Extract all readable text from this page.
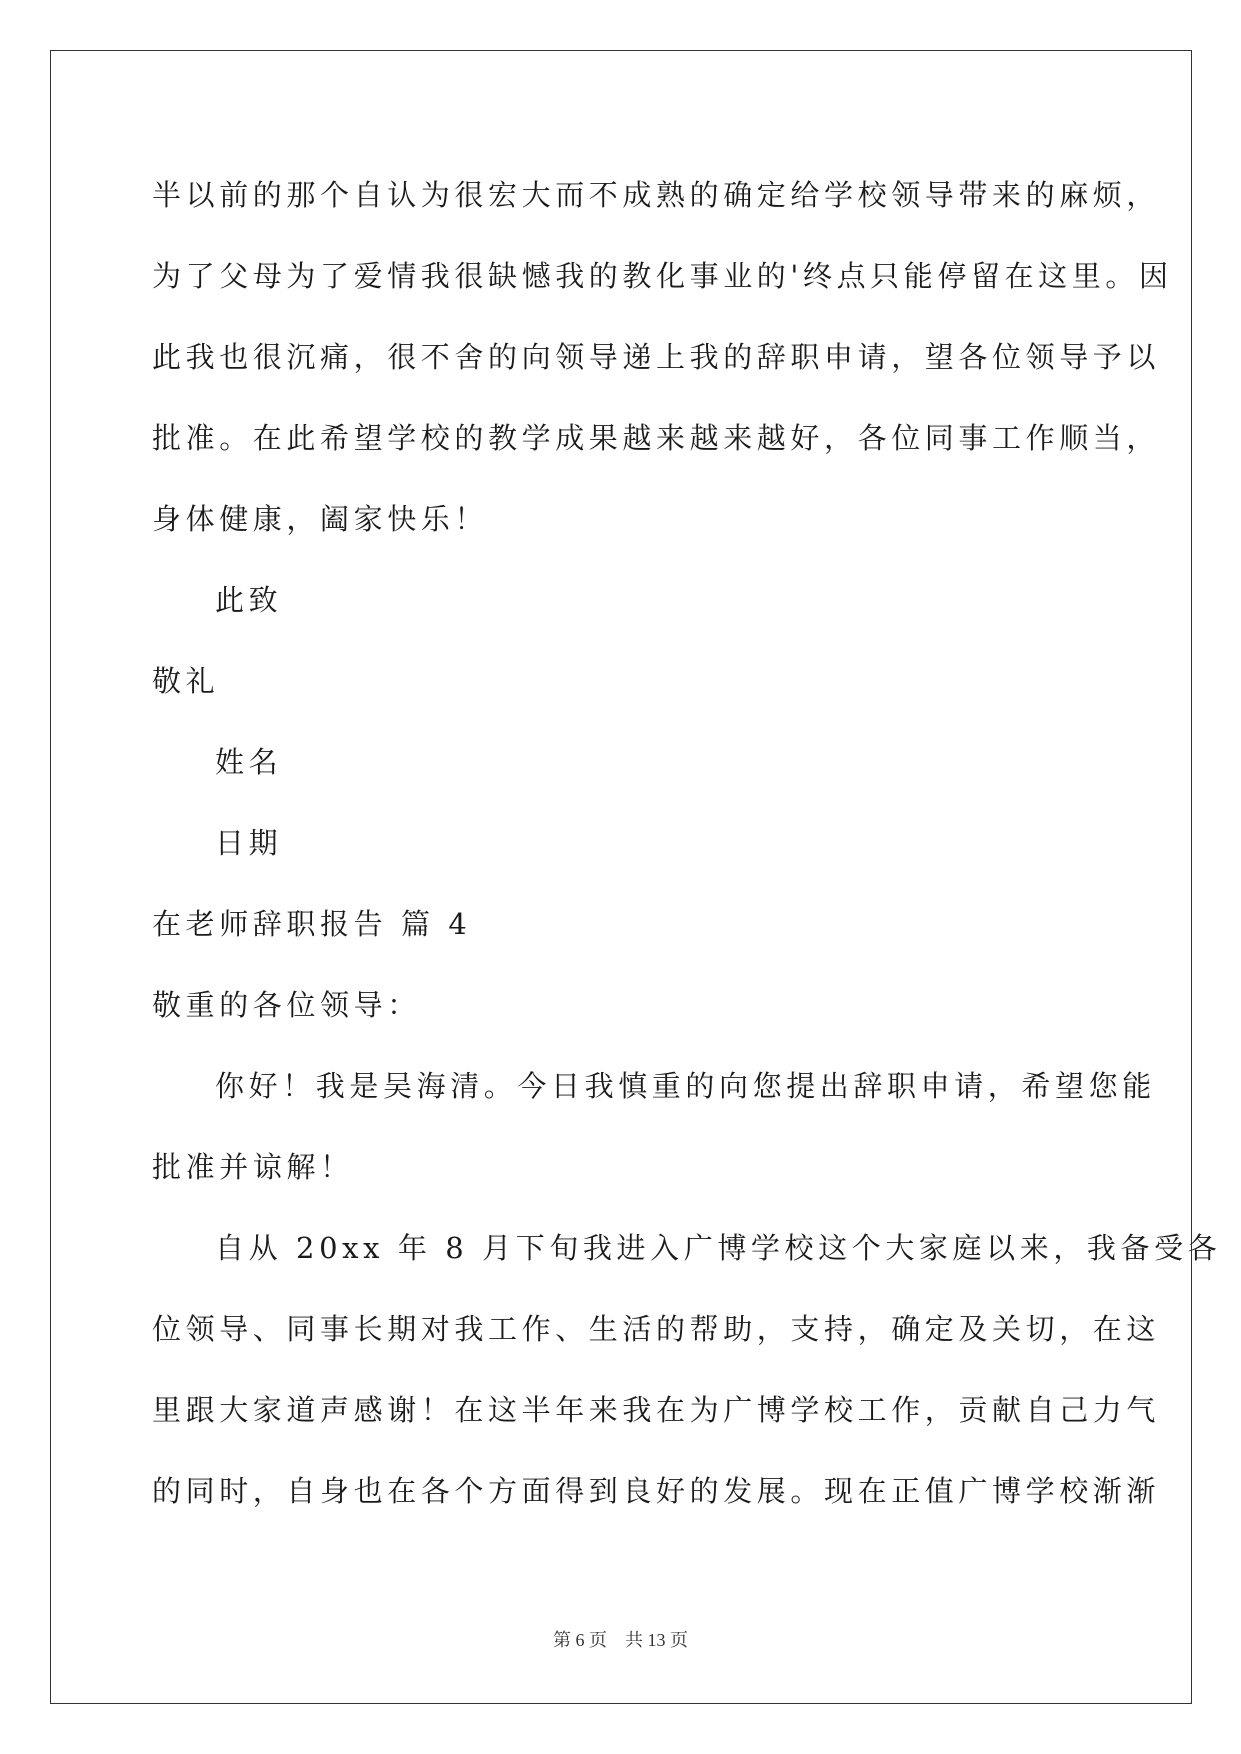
半以前的那个自认为很宏大而不成熟的确定给学校领导带来的麻烦，
为了父母为了爱情我很缺憾我的教化事业的'终点只能停留在这里。因
此我也很沉痛，很不舍的向领导递上我的辞职申请，望各位领导予以
批准。在此希望学校的教学成果越来越来越好，各位同事工作顺当，
身体健康，阖家快乐！
此致
敬礼
姓名
日期
在老师辞职报告 篇 4
敬重的各位领导：
你好！我是吴海清。今日我慎重的向您提出辞职申请，希望您能
批准并谅解！
自从 20xx 年 8 月下旬我进入广博学校这个大家庭以来，我备受各
位领导、同事长期对我工作、生活的帮助，支持，确定及关切，在这
里跟大家道声感谢！在这半年来我在为广博学校工作，贡献自己力气
的同时，自身也在各个方面得到良好的发展。现在正值广博学校渐渐
第 6 页 共 13 页
